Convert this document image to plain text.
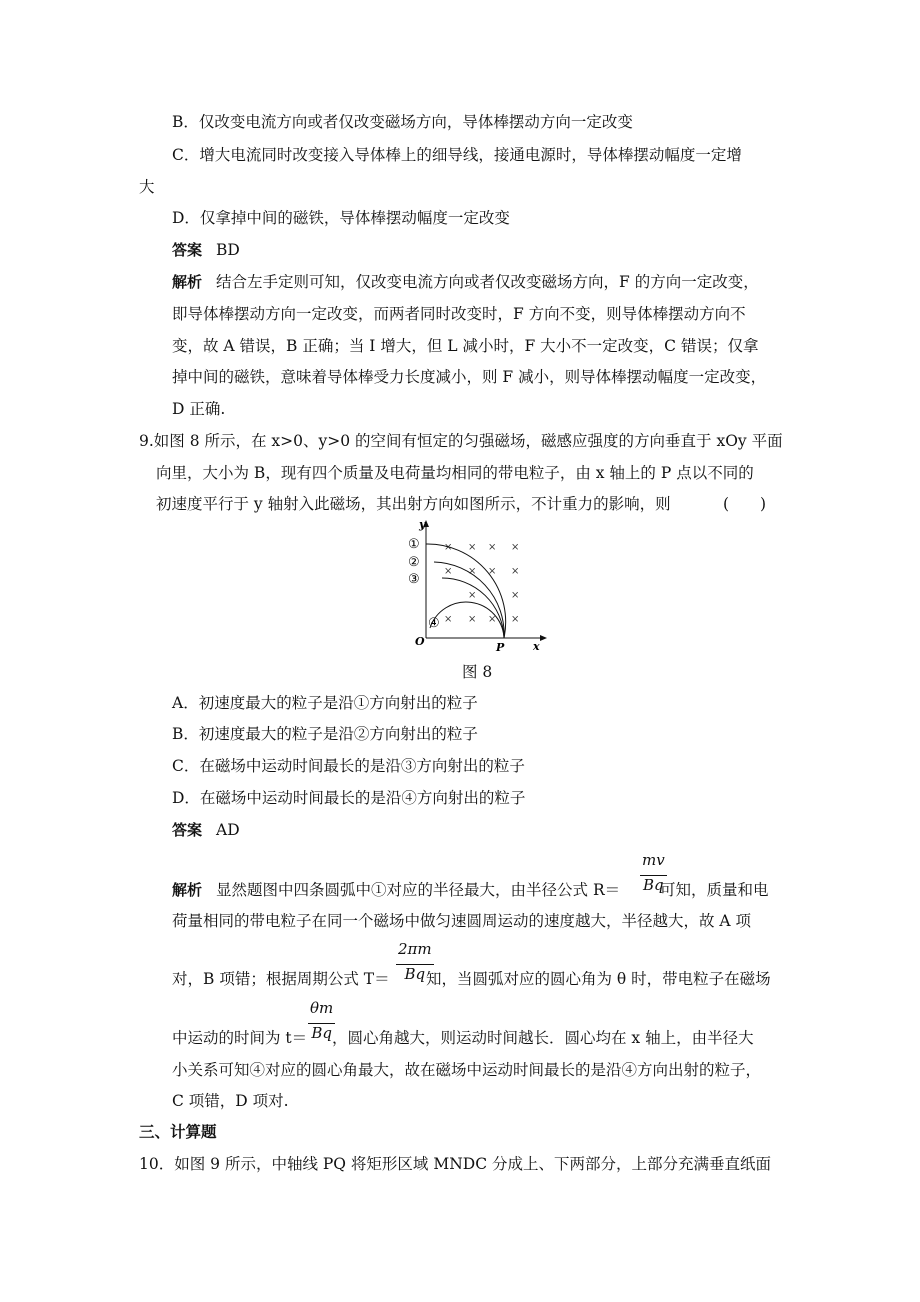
B．仅改变电流方向或者仅改变磁场方向，导体棒摆动方向一定改变
C．增大电流同时改变接入导体棒上的细导线，接通电源时，导体棒摆动幅度一定增
大
D．仅拿掉中间的磁铁，导体棒摆动幅度一定改变
答案 BD
解析 结合左手定则可知，仅改变电流方向或者仅改变磁场方向，F 的方向一定改变，
即导体棒摆动方向一定改变，而两者同时改变时，F 方向不变，则导体棒摆动方向不
变，故 A 错误，B 正确；当 I 增大，但 L 减小时，F 大小不一定改变，C 错误；仅拿
掉中间的磁铁，意味着导体棒受力长度减小，则 F 减小，则导体棒摆动幅度一定改变，
D 正确.
9.如图 8 所示，在 x>0、y>0 的空间有恒定的匀强磁场，磁感应强度的方向垂直于 xOy 平面
向里，大小为 B，现有四个质量及电荷量均相同的带电粒子，由 x 轴上的 P 点以不同的
初速度平行于 y 轴射入此磁场，其出射方向如图所示，不计重力的影响，则	(　　)
y
x
O	P
× × × ×
× × × ×
×	×
×
× × ×
①
②
③
④
图 8
A．初速度最大的粒子是沿①方向射出的粒子
B．初速度最大的粒子是沿②方向射出的粒子
C．在磁场中运动时间最长的是沿③方向射出的粒子
D．在磁场中运动时间最长的是沿④方向射出的粒子
答案 AD
解析 显然题图中四条圆弧中①对应的半径最大，由半径公式 $R= \frac{mv}{Bq}$
可知，质量和电
荷量相同的带电粒子在同一个磁场中做匀速圆周运动的速度越大，半径越大，故 A 项
对，B 项错；根据周期公式 $T= \frac{2\pi m}{Bq}$
知，当圆弧对应的圆心角为 θ 时，带电粒子在磁场
中运动的时间为 $t= \frac{\theta m}{Bq}$
，圆心角越大，则运动时间越长．圆心均在 x 轴上，由半径大
小关系可知④对应的圆心角最大，故在磁场中运动时间最长的是沿④方向出射的粒子，
C 项错，D 项对.
三、计算题
10．如图 9 所示，中轴线 PQ 将矩形区域 MNDC 分成上、下两部分，上部分充满垂直纸面
